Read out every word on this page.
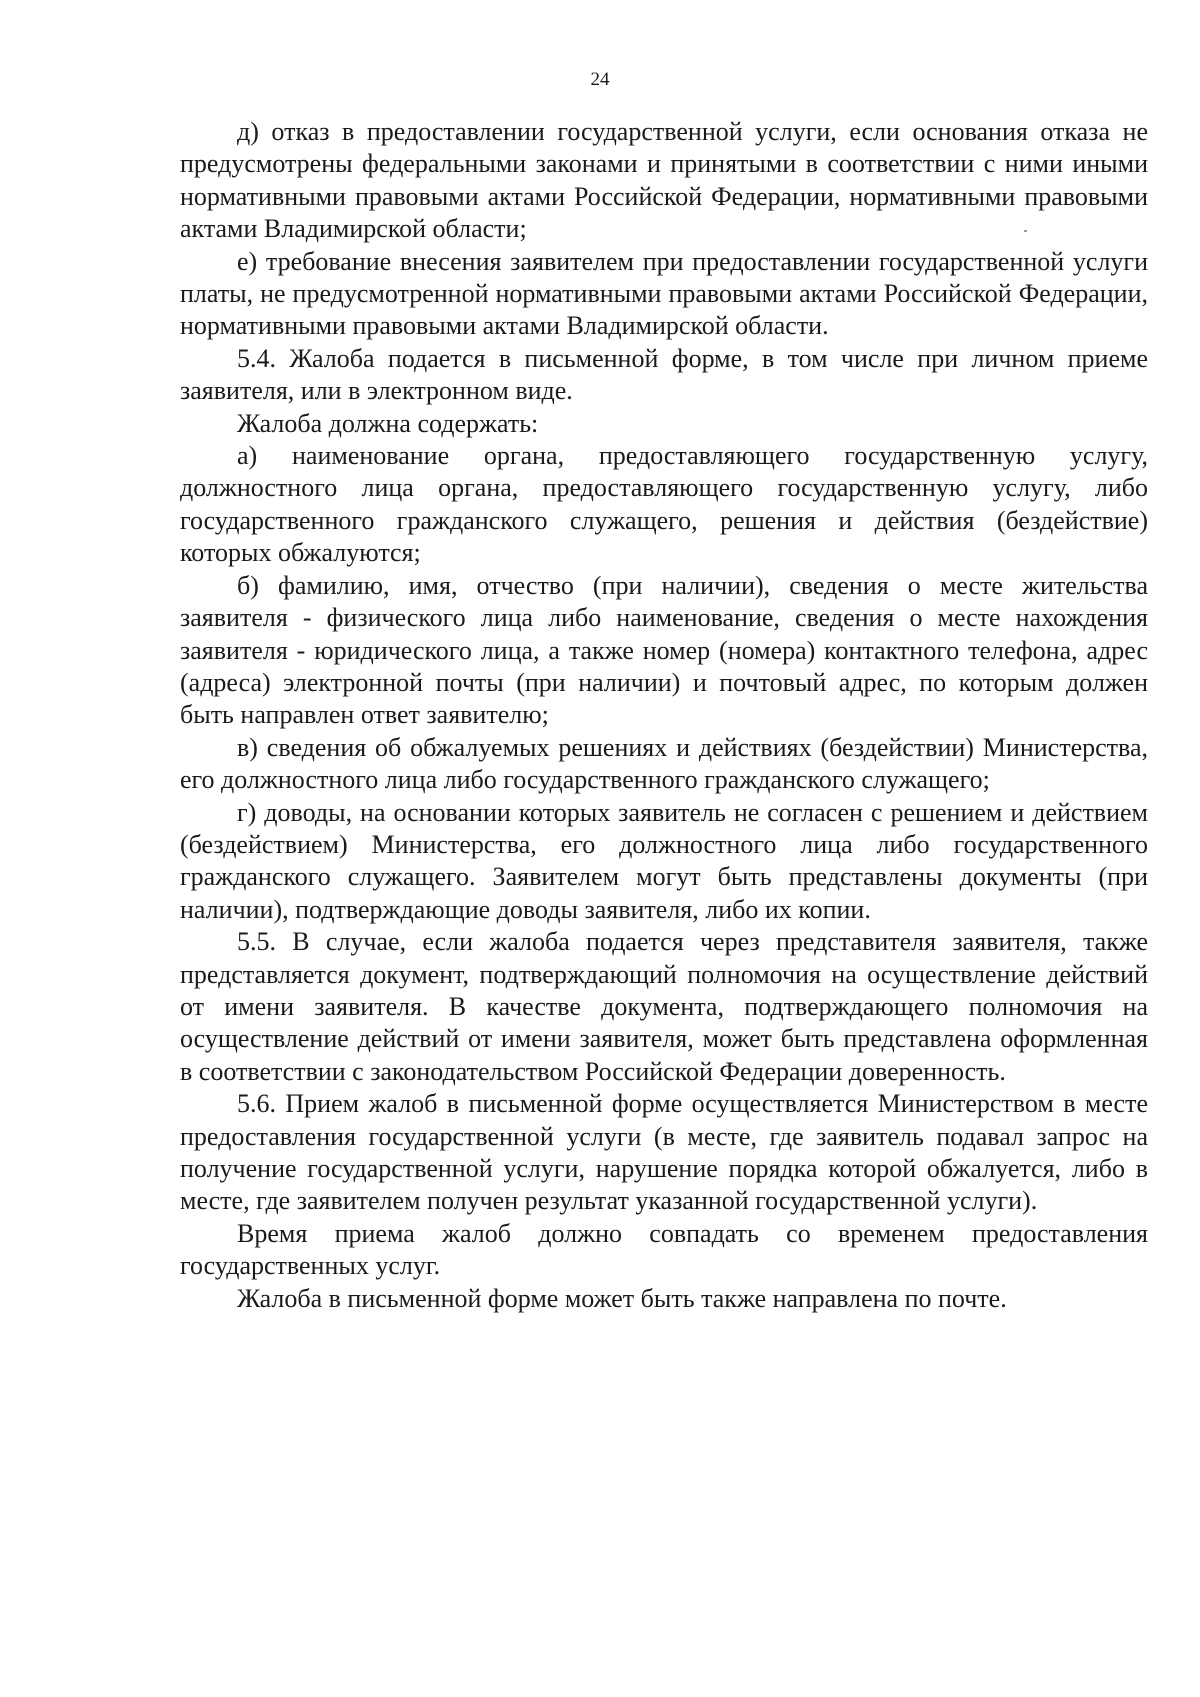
24

д) отказ в предоставлении государственной услуги, если основания отказа не предусмотрены федеральными законами и принятыми в соответствии с ними иными нормативными правовыми актами Российской Федерации, нормативными правовыми актами Владимирской области;

е) требование внесения заявителем при предоставлении государственной услуги платы, не предусмотренной нормативными правовыми актами Российской Федерации, нормативными правовыми актами Владимирской области.

5.4. Жалоба подается в письменной форме, в том числе при личном приеме заявителя, или в электронном виде.

Жалоба должна содержать:

а) наименование органа, предоставляющего государственную услугу, должностного лица органа, предоставляющего государственную услугу, либо государственного гражданского служащего, решения и действия (бездействие) которых обжалуются;

б) фамилию, имя, отчество (при наличии), сведения о месте жительства заявителя - физического лица либо наименование, сведения о месте нахождения заявителя - юридического лица, а также номер (номера) контактного телефона, адрес (адреса) электронной почты (при наличии) и почтовый адрес, по которым должен быть направлен ответ заявителю;

в) сведения об обжалуемых решениях и действиях (бездействии) Министерства, его должностного лица либо государственного гражданского служащего;

г) доводы, на основании которых заявитель не согласен с решением и действием (бездействием) Министерства, его должностного лица либо государственного гражданского служащего. Заявителем могут быть представлены документы (при наличии), подтверждающие доводы заявителя, либо их копии.

5.5. В случае, если жалоба подается через представителя заявителя, также представляется документ, подтверждающий полномочия на осуществление действий от имени заявителя. В качестве документа, подтверждающего полномочия на осуществление действий от имени заявителя, может быть представлена оформленная в соответствии с законодательством Российской Федерации доверенность.

5.6. Прием жалоб в письменной форме осуществляется Министерством в месте предоставления государственной услуги (в месте, где заявитель подавал запрос на получение государственной услуги, нарушение порядка которой обжалуется, либо в месте, где заявителем получен результат указанной государственной услуги).

Время приема жалоб должно совпадать со временем предоставления государственных услуг.

Жалоба в письменной форме может быть также направлена по почте.
